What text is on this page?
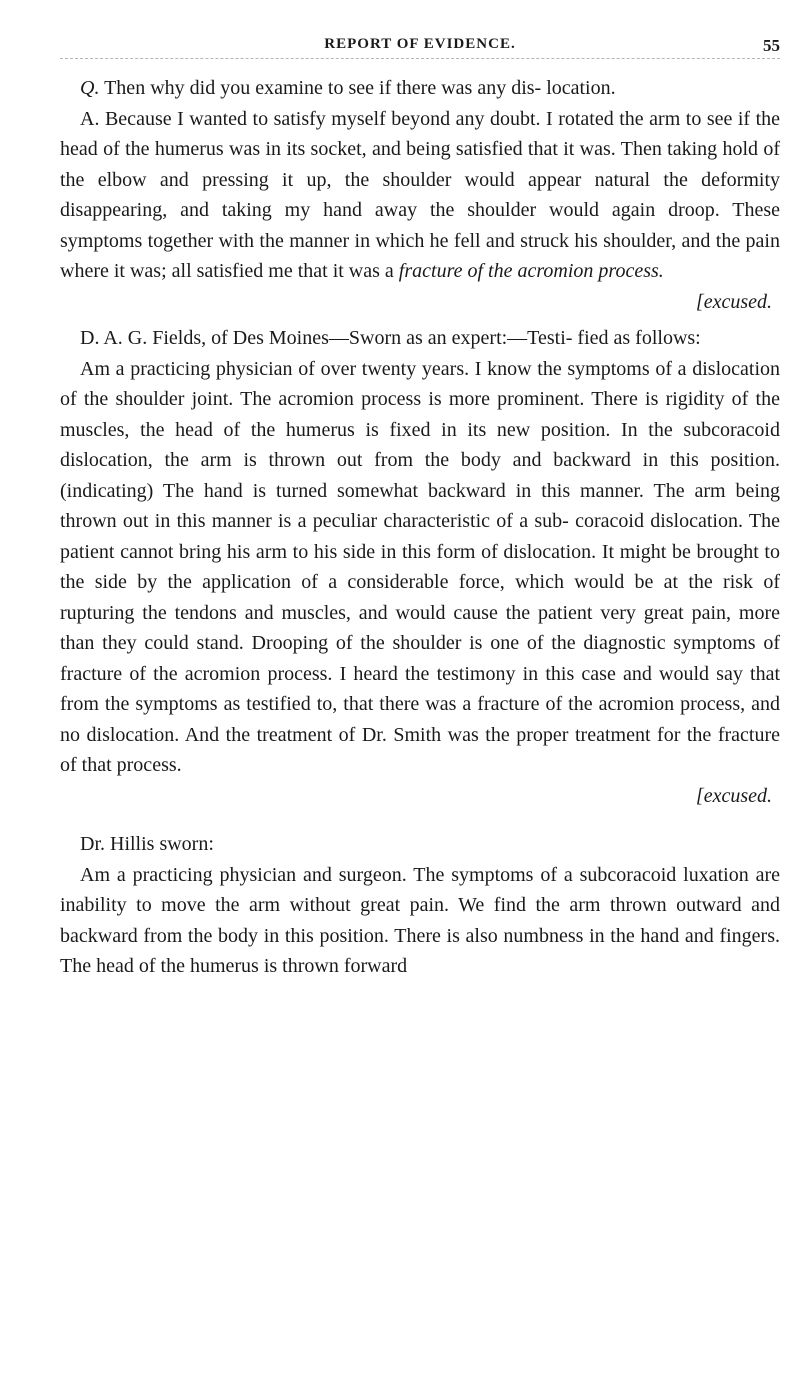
REPORT OF EVIDENCE.	55

Q. Then why did you examine to see if there was any dis- location.

A. Because I wanted to satisfy myself beyond any doubt. I rotated the arm to see if the head of the humerus was in its socket, and being satisfied that it was. Then taking hold of the elbow and pressing it up, the shoulder would appear natural the deformity disappearing, and taking my hand away the shoulder would again droop. These symptoms together with the manner in which he fell and struck his shoulder, and the pain where it was; all satisfied me that it was a fracture of the acromion process.

[excused.

D. A. G. Fields, of Des Moines—Sworn as an expert:—Testi- fied as follows:

Am a practicing physician of over twenty years. I know the symptoms of a dislocation of the shoulder joint. The acromion process is more prominent. There is rigidity of the muscles, the head of the humerus is fixed in its new position. In the subcoracoid dislocation, the arm is thrown out from the body and backward in this position. (indicating) The hand is turned somewhat backward in this manner. The arm being thrown out in this manner is a peculiar characteristic of a sub- coracoid dislocation. The patient cannot bring his arm to his side in this form of dislocation. It might be brought to the side by the application of a considerable force, which would be at the risk of rupturing the tendons and muscles, and would cause the patient very great pain, more than they could stand. Drooping of the shoulder is one of the diagnostic symptoms of fracture of the acromion process. I heard the testimony in this case and would say that from the symptoms as testified to, that there was a fracture of the acromion process, and no dislocation. And the treatment of Dr. Smith was the proper treatment for the fracture of that process.

[excused.

Dr. Hillis sworn:

Am a practicing physician and surgeon. The symptoms of a subcoracoid luxation are inability to move the arm without great pain. We find the arm thrown outward and backward from the body in this position. There is also numbness in the hand and fingers. The head of the humerus is thrown forward
